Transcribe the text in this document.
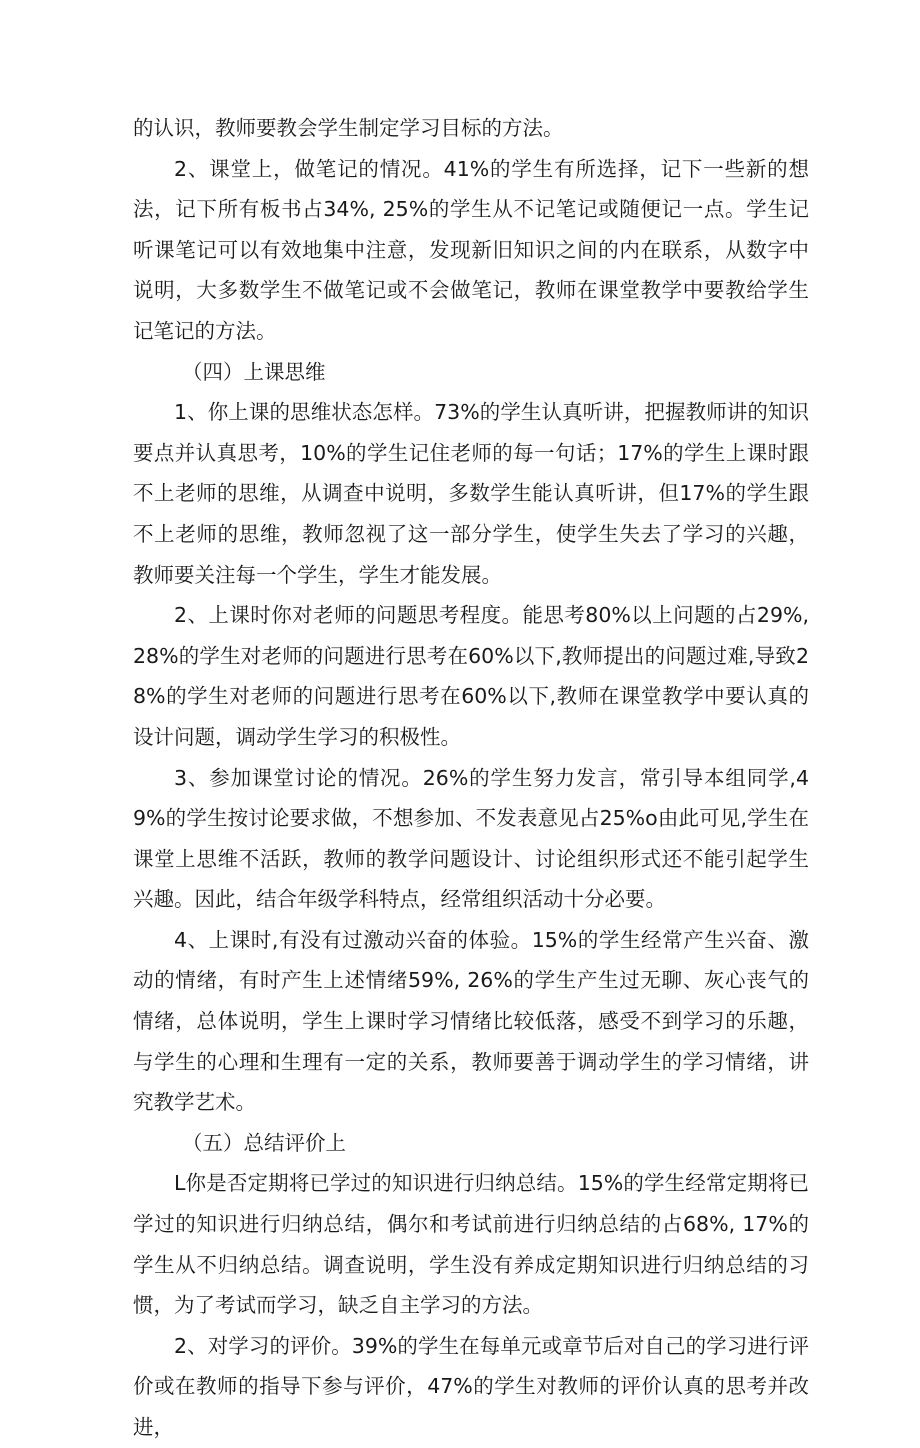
的认识，教师要教会学生制定学习目标的方法。

2、课堂上，做笔记的情况。41%的学生有所选择，记下一些新的想法，记下所有板书占34%, 25%的学生从不记笔记或随便记一点。学生记听课笔记可以有效地集中注意，发现新旧知识之间的内在联系，从数字中说明，大多数学生不做笔记或不会做笔记，教师在课堂教学中要教给学生记笔记的方法。

（四）上课思维

1、你上课的思维状态怎样。73%的学生认真听讲，把握教师讲的知识要点并认真思考，10%的学生记住老师的每一句话；17%的学生上课时跟不上老师的思维，从调查中说明，多数学生能认真听讲，但17%的学生跟不上老师的思维，教师忽视了这一部分学生，使学生失去了学习的兴趣，教师要关注每一个学生，学生才能发展。

2、上课时你对老师的问题思考程度。能思考80%以上问题的占29%, 28%的学生对老师的问题进行思考在60%以下,教师提出的问题过难,导致28%的学生对老师的问题进行思考在60%以下,教师在课堂教学中要认真的设计问题，调动学生学习的积极性。

3、参加课堂讨论的情况。26%的学生努力发言，常引导本组同学,49%的学生按讨论要求做，不想参加、不发表意见占25%o由此可见,学生在课堂上思维不活跃，教师的教学问题设计、讨论组织形式还不能引起学生兴趣。因此，结合年级学科特点，经常组织活动十分必要。

4、上课时,有没有过激动兴奋的体验。15%的学生经常产生兴奋、激动的情绪，有时产生上述情绪59%, 26%的学生产生过无聊、灰心丧气的情绪，总体说明，学生上课时学习情绪比较低落，感受不到学习的乐趣，与学生的心理和生理有一定的关系，教师要善于调动学生的学习情绪，讲究教学艺术。

（五）总结评价上

L你是否定期将已学过的知识进行归纳总结。15%的学生经常定期将已学过的知识进行归纳总结，偶尔和考试前进行归纳总结的占68%, 17%的学生从不归纳总结。调查说明，学生没有养成定期知识进行归纳总结的习惯，为了考试而学习，缺乏自主学习的方法。

2、对学习的评价。39%的学生在每单元或章节后对自己的学习进行评价或在教师的指导下参与评价，47%的学生对教师的评价认真的思考并改进，
